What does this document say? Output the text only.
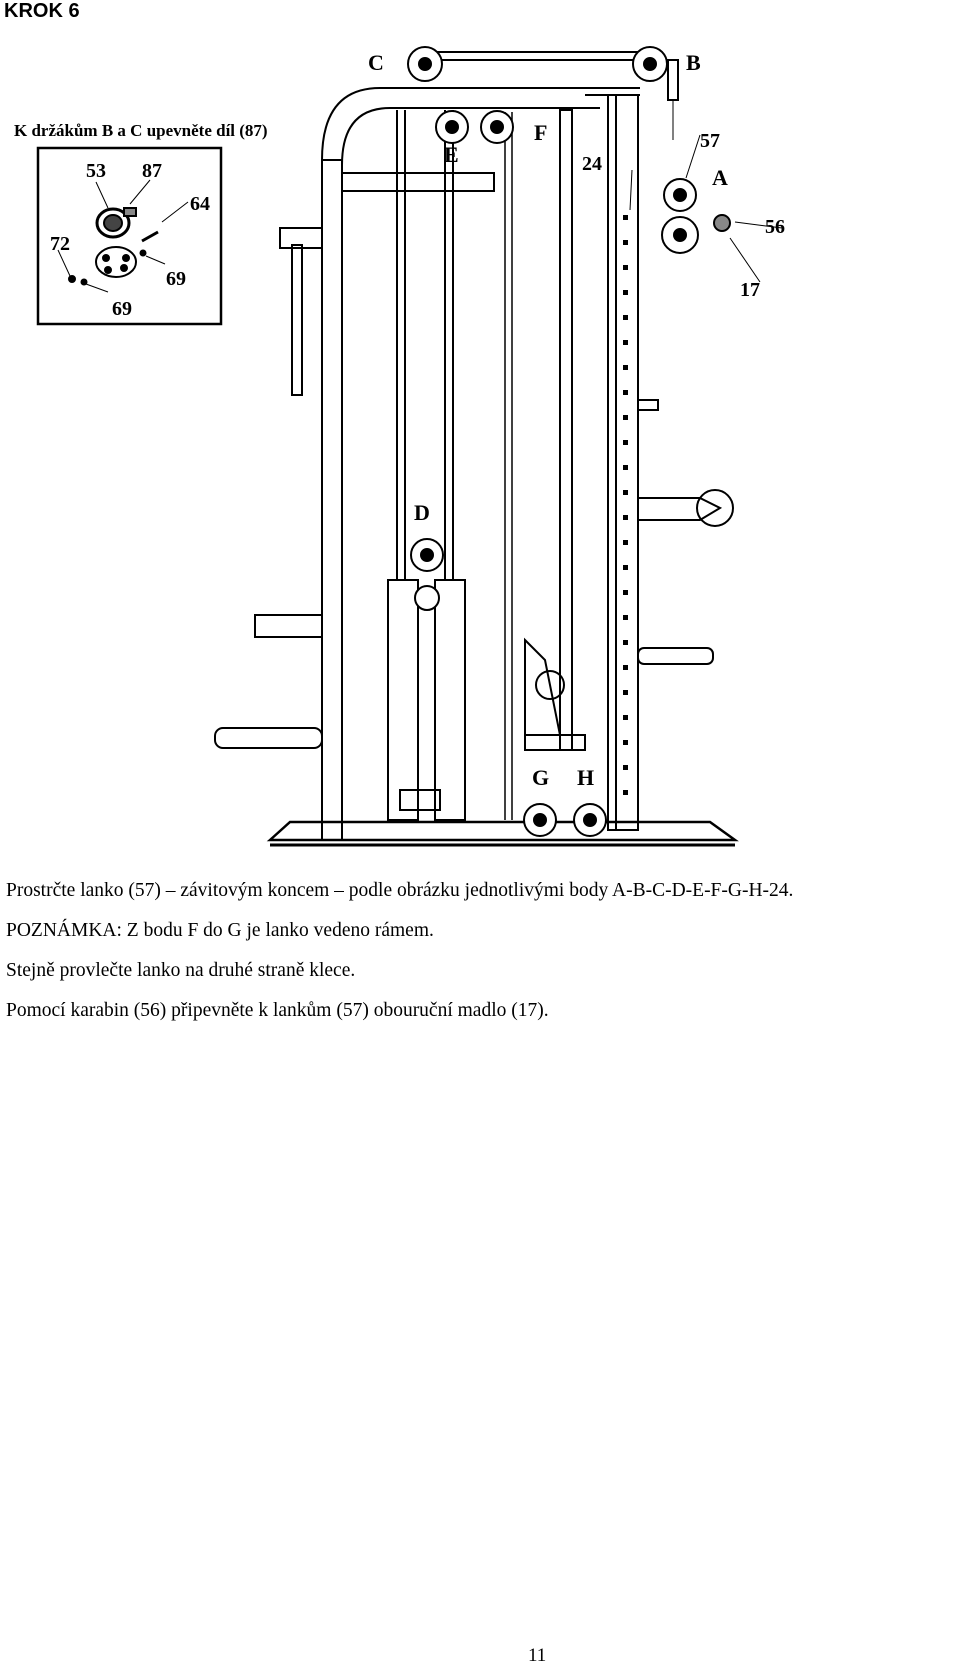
KROK 6
C	B
E
F
A
D
G H
57
24
56
17
K držákům B a C upevněte díl (87)
53 87
64
72
69
69
Prostrčte lanko (57) – závitovým koncem – podle obrázku jednotlivými body A-B-C-D-E-F-G-H-24.
POZNÁMKA: Z bodu F do G je lanko vedeno rámem.
Stejně provlečte lanko na druhé straně klece.
Pomocí karabin (56) připevněte k lankům (57) obouruční madlo (17).
11
